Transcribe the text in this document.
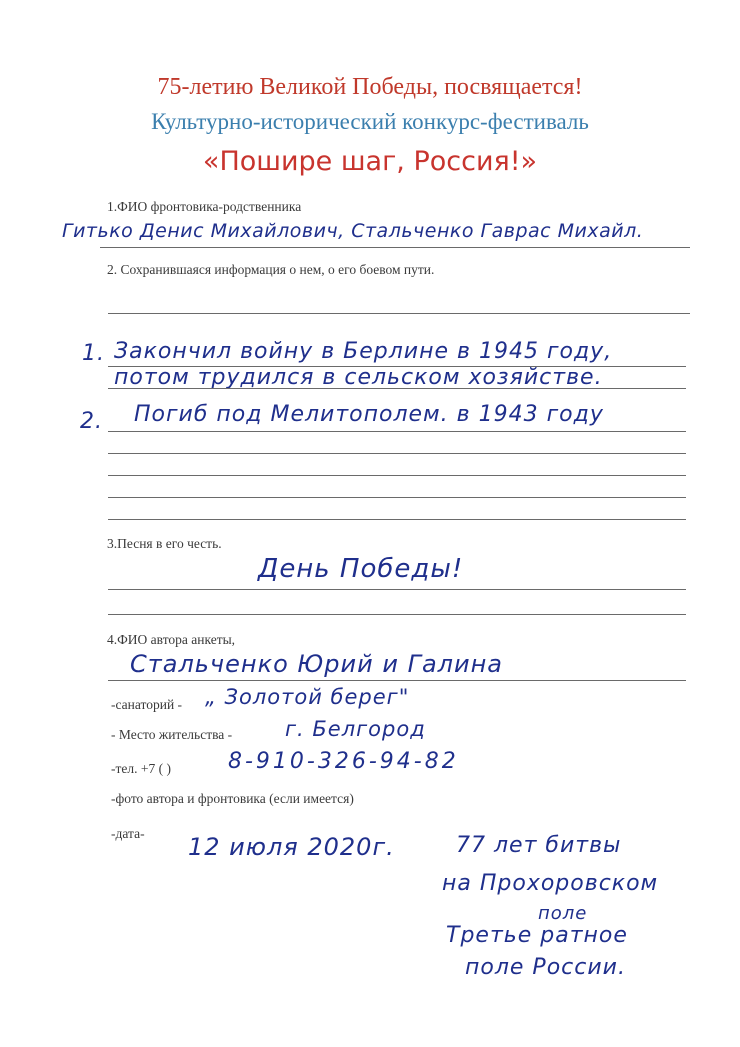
75-летию Великой Победы, посвящается!
Культурно-исторический конкурс-фестиваль
«Пошире шаг, Россия!»
1.ФИО фронтовика-родственника
Гитько Денис Михайлович, Стальченко Гаврас Михайл.
2. Сохранившаяся информация о нем, о его боевом пути.
1. Закончил войну в Берлине в 1945 году,
потом трудился в сельском хозяйстве.
2. Погиб под Мелитополем. в 1943 году
3.Песня в его честь.
День Победы!
4.ФИО автора анкеты,
Стальченко Юрий и Галина
-санаторий - „ Золотой берег"
- Место жительства -	г. Белгород
-тел. +7 ( )	8-910-326-94-82
-фото автора и фронтовика (если имеется)
-дата- 12 июля 2020г.	77 лет битвы
на Прохоровском
поле
Третье ратное
поле России.
